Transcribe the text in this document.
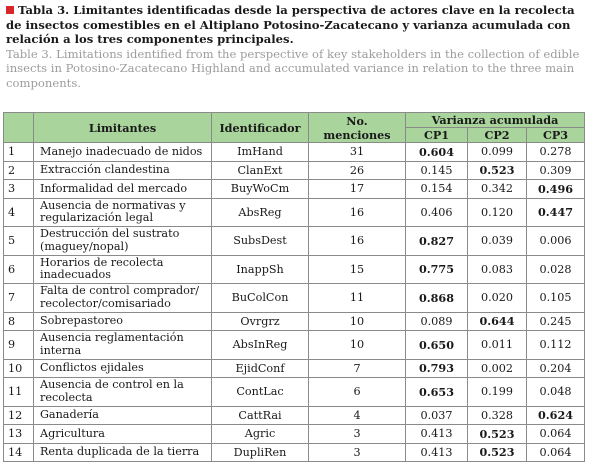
Tabla 3. Limitantes identificadas desde la perspectiva de actores clave en la recolecta de insectos comestibles en el Altiplano Potosino-Zacatecano y varianza acumulada con relación a los tres componentes principales.
Table 3. Limitations identified from the perspective of key stakeholders in the collection of edible insects in Potosino-Zacatecano Highland and accumulated variance in relation to the three main components.
	Limitantes	Identificador	No. menciones	Varianza acumulada		
				CP1	CP2	CP3
1	Manejo inadecuado de nidos	ImHand	31	0.604	0.099	0.278
2	Extracción clandestina	ClanExt	26	0.145	0.523	0.309
3	Informalidad del mercado	BuyWoCm	17	0.154	0.342	0.496
4	Ausencia de normativas y regularización legal	AbsReg	16	0.406	0.120	0.447
5	Destrucción del sustrato (maguey/nopal)	SubsDest	16	0.827	0.039	0.006
6	Horarios de recolecta inadecuados	InappSh	15	0.775	0.083	0.028
7	Falta de control comprador/ recolector/comisariado	BuColCon	11	0.868	0.020	0.105
8	Sobrepastoreo	Ovrgrz	10	0.089	0.644	0.245
9	Ausencia reglamentación interna	AbsInReg	10	0.650	0.011	0.112
10	Conflictos ejidales	EjidConf	7	0.793	0.002	0.204
11	Ausencia de control en la recolecta	ContLac	6	0.653	0.199	0.048
12	Ganadería	CattRai	4	0.037	0.328	0.624
13	Agricultura	Agric	3	0.413	0.523	0.064
14	Renta duplicada de la tierra	DupliRen	3	0.413	0.523	0.064
